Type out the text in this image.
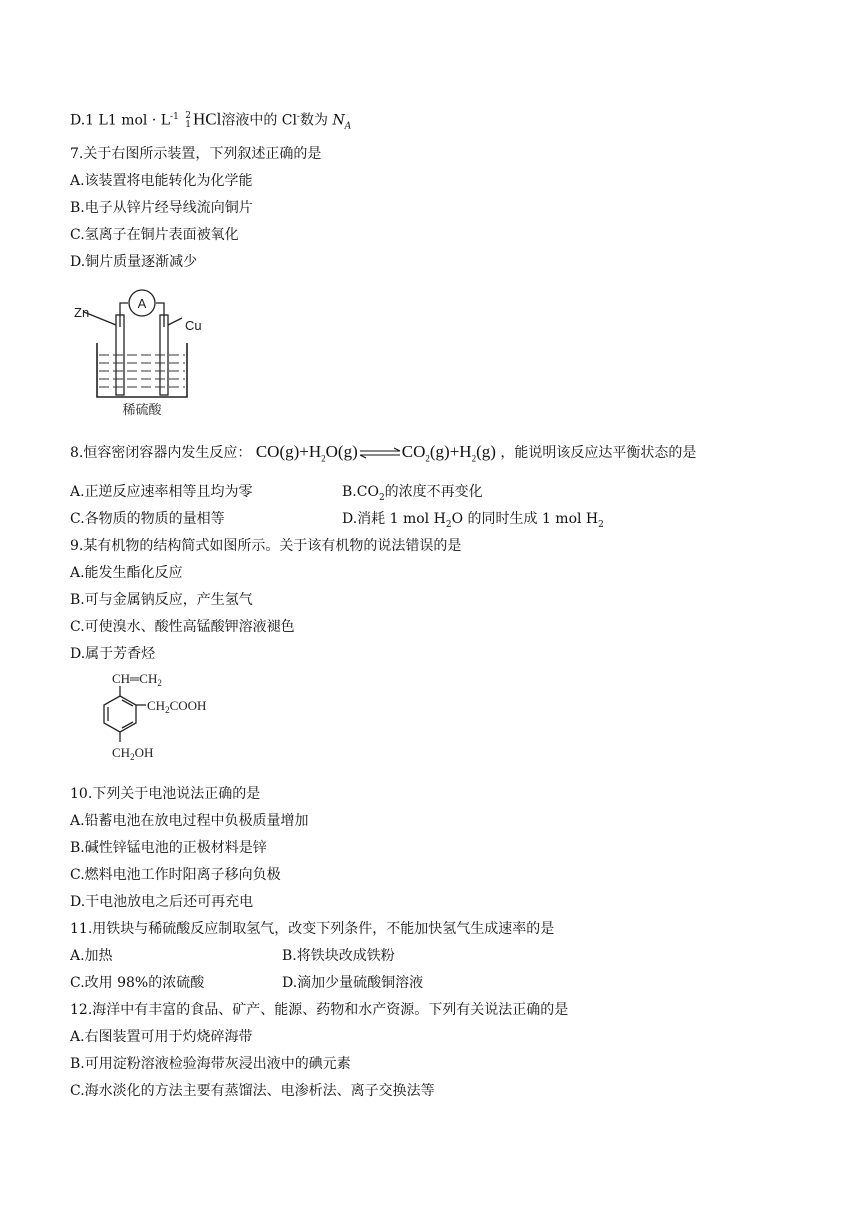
D.1 L1 mol · $L^{-1}$ 2
1 HCl溶液中的 Cl-数为 $N_A$
7.关于右图所示装置，下列叙述正确的是
A.该装置将电能转化为化学能
B.电子从锌片经导线流向铜片
C.氢离子在铜片表面被氧化
D.铜片质量逐渐减少
A
Zn
Cu
稀硫酸
8.恒容密闭容器内发生反应： $CO(g)+H_2O(g)\rightleftharpoons CO_2(g)+H_2(g)$ ，能说明该反应达平衡状态的是
A.正逆反应速率相等且均为零	$B.CO_2$的浓度不再变化
C.各物质的物质的量相等	D.消耗 1 mol $H_2O$ 的同时生成 1 mol $H_2$
9.某有机物的结构简式如图所示。关于该有机物的说法错误的是
A.能发生酯化反应
B.可与金属钠反应，产生氢气
C.可使溴水、酸性高锰酸钾溶液褪色
D.属于芳香烃
$CH═CH_2$
$CH_2COOH$
$CH_2OH$
10.下列关于电池说法正确的是
A.铅蓄电池在放电过程中负极质量增加
B.碱性锌锰电池的正极材料是锌
C.燃料电池工作时阳离子移向负极
D.干电池放电之后还可再充电
11.用铁块与稀硫酸反应制取氢气，改变下列条件，不能加快氢气生成速率的是
A.加热	B.将铁块改成铁粉
C.改用 98%的浓硫酸	D.滴加少量硫酸铜溶液
12.海洋中有丰富的食品、矿产、能源、药物和水产资源。下列有关说法正确的是
A.右图装置可用于灼烧碎海带
B.可用淀粉溶液检验海带灰浸出液中的碘元素
C.海水淡化的方法主要有蒸馏法、电渗析法、离子交换法等
